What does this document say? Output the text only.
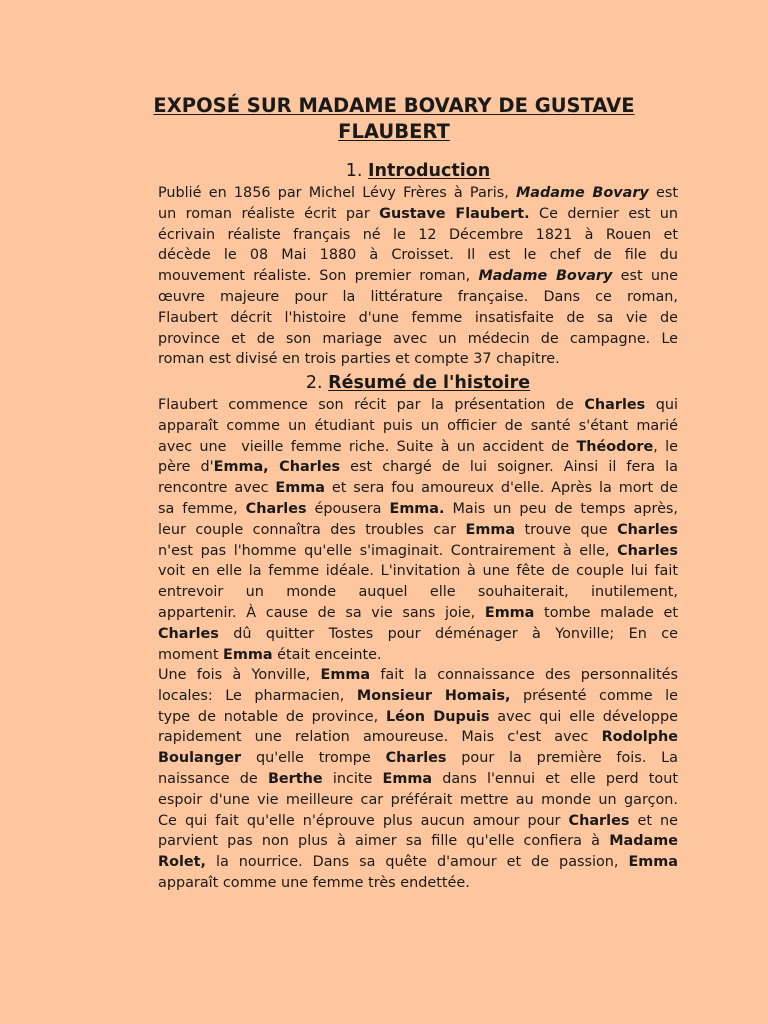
EXPOSÉ SUR MADAME BOVARY DE GUSTAVE
FLAUBERT
1. Introduction
Publié en 1856 par Michel Lévy Frères à Paris, Madame Bovary est
un roman réaliste écrit par Gustave Flaubert. Ce dernier est un
écrivain réaliste français né le 12 Décembre 1821 à Rouen et
décède le 08 Mai 1880 à Croisset. Il est le chef de file du
mouvement réaliste. Son premier roman, Madame Bovary est une
œuvre majeure pour la littérature française. Dans ce roman,
Flaubert décrit l'histoire d'une femme insatisfaite de sa vie de
province et de son mariage avec un médecin de campagne. Le
roman est divisé en trois parties et compte 37 chapitre.
2. Résumé de l'histoire
Flaubert commence son récit par la présentation de Charles qui
apparaît comme un étudiant puis un officier de santé s'étant marié
avec une  vieille femme riche. Suite à un accident de Théodore, le
père d'Emma, Charles est chargé de lui soigner. Ainsi il fera la
rencontre avec Emma et sera fou amoureux d'elle. Après la mort de
sa femme, Charles épousera Emma. Mais un peu de temps après,
leur couple connaîtra des troubles car Emma trouve que Charles
n'est pas l'homme qu'elle s'imaginait. Contrairement à elle, Charles
voit en elle la femme idéale. L'invitation à une fête de couple lui fait
entrevoir un monde auquel elle souhaiterait, inutilement,
appartenir. À cause de sa vie sans joie, Emma tombe malade et
Charles dû quitter Tostes pour déménager à Yonville; En ce
moment Emma était enceinte.
Une fois à Yonville, Emma fait la connaissance des personnalités
locales: Le pharmacien, Monsieur Homais, présenté comme le
type de notable de province, Léon Dupuis avec qui elle développe
rapidement une relation amoureuse. Mais c'est avec Rodolphe
Boulanger qu'elle trompe Charles pour la première fois. La
naissance de Berthe incite Emma dans l'ennui et elle perd tout
espoir d'une vie meilleure car préférait mettre au monde un garçon.
Ce qui fait qu'elle n'éprouve plus aucun amour pour Charles et ne
parvient pas non plus à aimer sa fille qu'elle confiera à Madame
Rolet, la nourrice. Dans sa quête d'amour et de passion, Emma
apparaît comme une femme très endettée.
